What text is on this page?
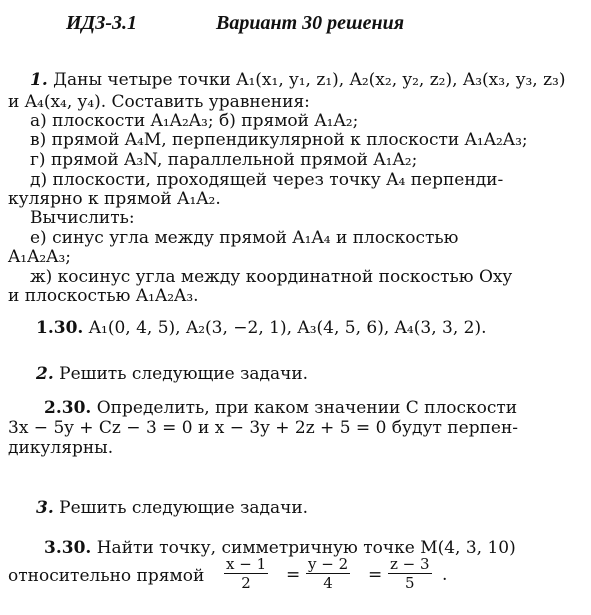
ИДЗ-3.1	Вариант 30 решения
1. Даны четыре точки A₁(x₁, y₁, z₁), A₂(x₂, y₂, z₂), A₃(x₃, y₃, z₃)
и A₄(x₄, y₄). Составить уравнения:
а) плоскости A₁A₂A₃; б) прямой A₁A₂;
в) прямой A₄M, перпендикулярной к плоскости A₁A₂A₃;
г) прямой A₃N, параллельной прямой A₁A₂;
д) плоскости, проходящей через точку A₄ перпенди-
кулярно к прямой A₁A₂.
Вычислить:
е) синус угла между прямой A₁A₄ и плоскостью
A₁A₂A₃;
ж) косинус угла между координатной поскостью Oxy
и плоскостью A₁A₂A₃.
1.30. A₁(0, 4, 5), A₂(3, −2, 1), A₃(4, 5, 6), A₄(3, 3, 2).
2. Решить следующие задачи.
2.30. Определить, при каком значении C плоскости
3x − 5y + Cz − 3 = 0 и x − 3y + 2z + 5 = 0 будут перпен-
дикулярны.
3. Решить следующие задачи.
3.30. Найти точку, симметричную точке M(4, 3, 10)
относительно прямой $\frac{x - 1}{2} = \frac{y - 2}{4} = \frac{z - 3}{5}$ .
